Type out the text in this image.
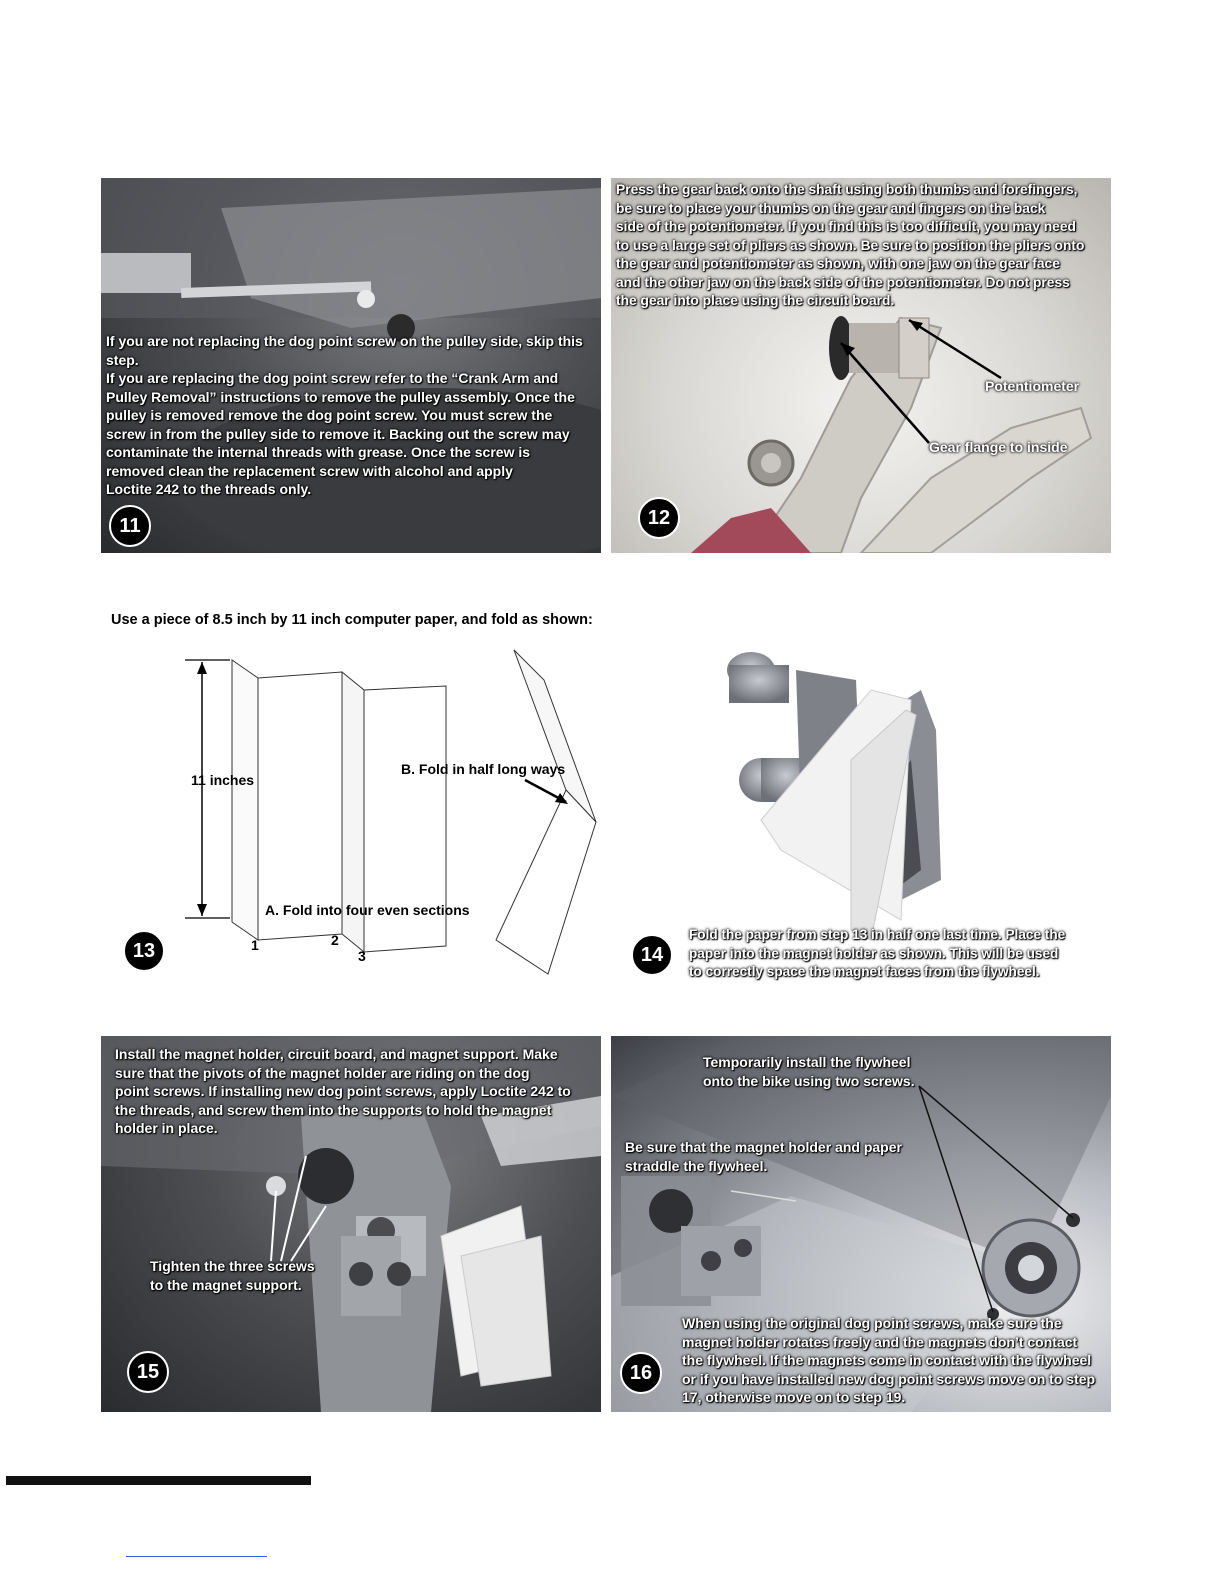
If you are not replacing the dog point screw on the pulley side, skip this
step.
If you are replacing the dog point screw refer to the “Crank Arm and
Pulley Removal” instructions to remove the pulley assembly. Once the
pulley is removed remove the dog point screw. You must screw the
screw in from the pulley side to remove it. Backing out the screw may
contaminate the internal threads with grease. Once the screw is
removed clean the replacement screw with alcohol and apply
Loctite 242 to the threads only.

11

Press the gear back onto the shaft using both thumbs and forefingers,
be sure to place your thumbs on the gear and fingers on the back
side of the potentiometer. If you find this is too difficult, you may need
to use a large set of pliers as shown. Be sure to position the pliers onto
the gear and potentiometer as shown, with one jaw on the gear face
and the other jaw on the back side of the potentiometer. Do not press
the gear into place using the circuit board.

Potentiometer
Gear flange to inside
12
Use a piece of 8.5 inch by 11 inch computer paper, and fold as shown:
11 inches
B. Fold in half long ways
A. Fold into four even sections
1	2
3
13

Fold the paper from step 13 in half one last time. Place the
paper into the magnet holder as shown. This will be used
to correctly space the magnet faces from the flywheel.

14

Install the magnet holder, circuit board, and magnet support. Make
sure that the pivots of the magnet holder are riding on the dog
point screws. If installing new dog point screws, apply Loctite 242 to
the threads, and screw them into the supports to hold the magnet
holder in place.

Tighten the three screws
to the magnet support.
15
Temporarily install the flywheel
onto the bike using two screws.
Be sure that the magnet holder and paper
straddle the flywheel.

When using the original dog point screws, make sure the
magnet holder rotates freely and the magnets don’t contact
the flywheel. If the magnets come in contact with the flywheel
or if you have installed new dog point screws move on to step
17, otherwise move on to step 19.

16
